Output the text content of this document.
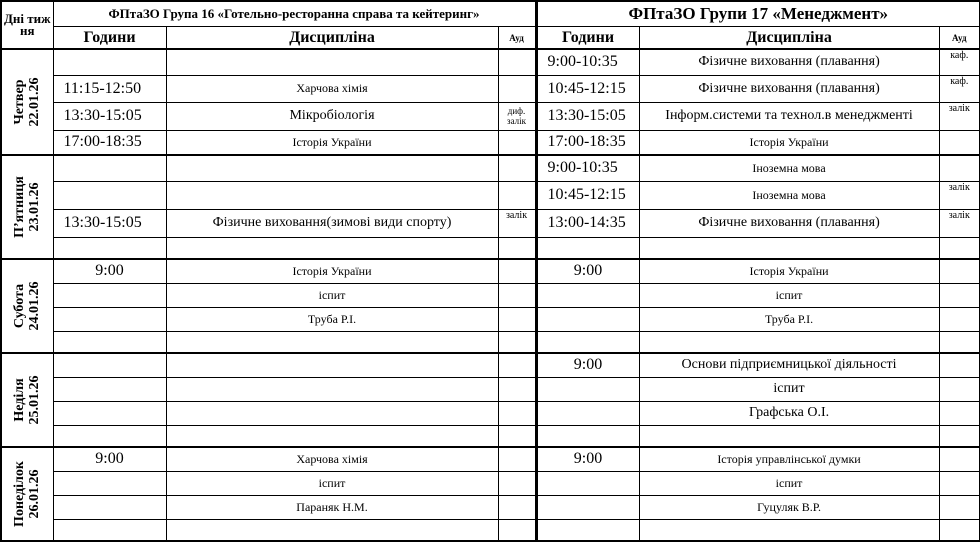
Дні тиж ня	ФПтаЗО Група 16 «Готельно-ресторанна справа та кейтеринг»			ФПтаЗО Групи 17 «Менеджмент»		
	Години	Дисципліна	Ауд	Години	Дисципліна	Ауд

Четвер
22.01.26				9:00-10:35	Фізичне виховання (плавання)	каф.
	11:15-12:50	Харчова хімія		10:45-12:15	Фізичне виховання (плавання)	каф.
	13:30-15:05	Мікробіологія	диф. залік	13:30-15:05	Інформ.системи та технол.в менеджменті	залік
	17:00-18:35	Історія України		17:00-18:35	Історія України	

П’ятниця
23.01.26				9:00-10:35	Іноземна мова	
				10:45-12:15	Іноземна мова	залік
	13:30-15:05	Фізичне виховання(зимові види спорту)	залік	13:00-14:35	Фізичне виховання (плавання)	залік

Субота
24.01.26	9:00	Історія України		9:00	Історія України	
		іспит			іспит	
		Труба Р.І.			Труба Р.І.	

Неділя
25.01.26				9:00	Основи підприємницької діяльності	
					іспит	
					Графська О.І.	

Понеділок
26.01.26	9:00	Харчова хімія		9:00	Історія управлінської думки	
		іспит			іспит	
		Параняк Н.М.			Гуцуляк В.Р.	
